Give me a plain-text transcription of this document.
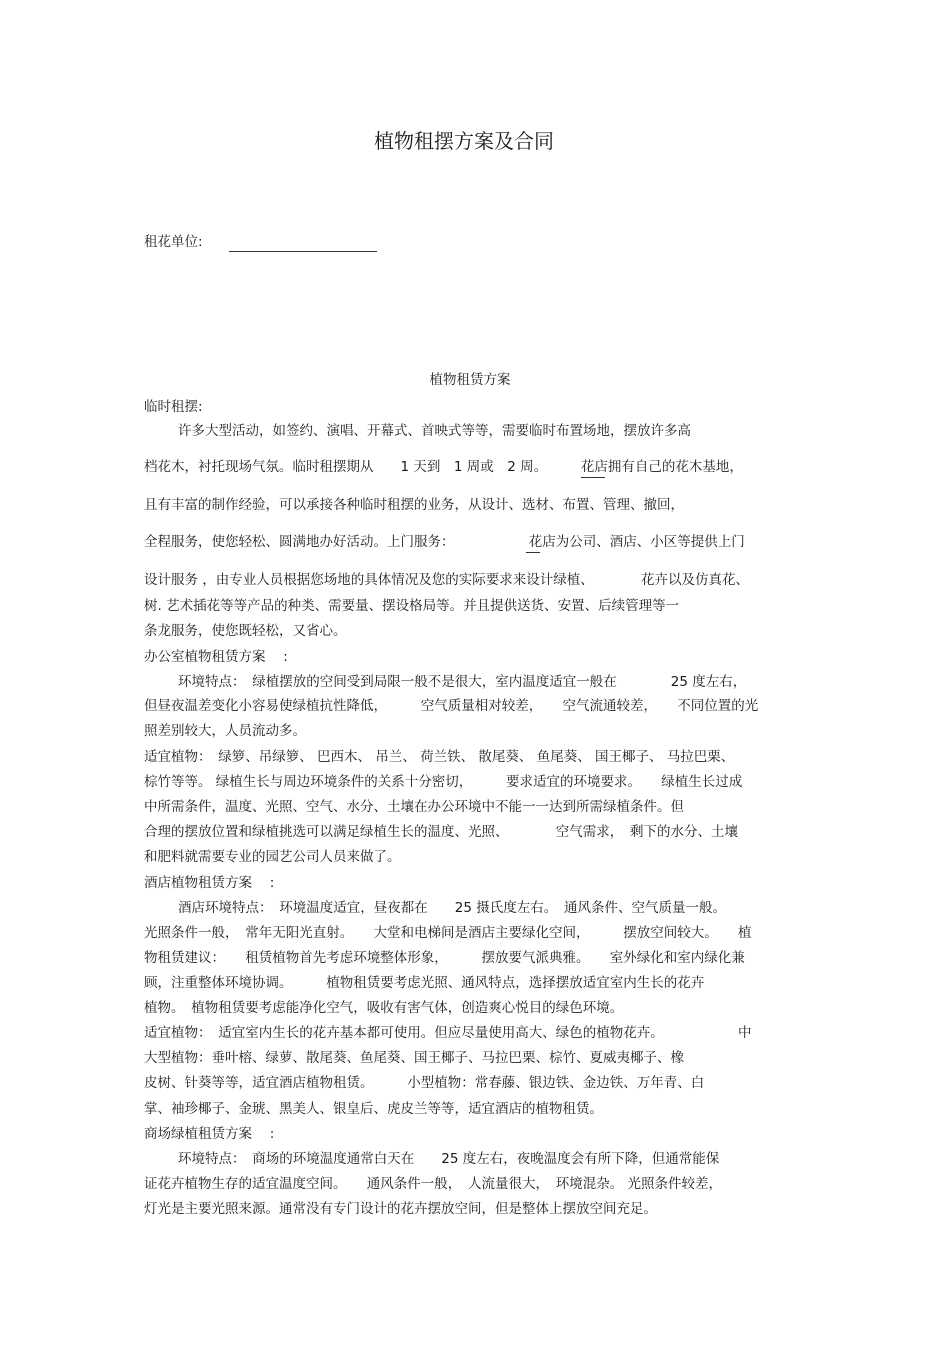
植物租摆方案及合同
租花单位:
植物租赁方案
临时租摆:
许多大型活动，如签约、演唱、开幕式、首映式等等，需要临时布置场地，摆放许多高
档花木，衬托现场气氛。临时租摆期从　　1 天到　1 周或　2 周。　　　花店拥有自己的花木基地，
且有丰富的制作经验，可以承接各种临时租摆的业务，从设计、选材、布置、管理、撤回，
全程服务，使您轻松、圆满地办好活动。上门服务：　　　　　　花店为公司、酒店、小区等提供上门
设计服务 ，由专业人员根据您场地的具体情况及您的实际要求来设计绿植、　　　　花卉以及仿真花、
树. 艺术插花等等产品的种类、需要量、摆设格局等。并且提供送货、安置、后续管理等一
条龙服务，使您既轻松，又省心。
办公室植物租赁方案　 :
环境特点：　绿植摆放的空间受到局限一般不是很大，室内温度适宜一般在　　　　25 度左右，
但昼夜温差变化小容易使绿植抗性降低，　　　空气质量相对较差，　　空气流通较差，　　不同位置的光
照差别较大，人员流动多。
适宜植物：　绿箩、吊绿箩、 巴西木、 吊兰、 荷兰铁、 散尾葵、 鱼尾葵、 国王椰子、 马拉巴栗、
棕竹等等。 绿植生长与周边环境条件的关系十分密切，　　　要求适宜的环境要求。　　绿植生长过成
中所需条件，温度、光照、空气、水分、土壤在办公环境中不能一一达到所需绿植条件。但
合理的摆放位置和绿植挑选可以满足绿植生长的温度、光照、　　　　空气需求，　剩下的水分、土壤
和肥料就需要专业的园艺公司人员来做了。
酒店植物租赁方案　 :
酒店环境特点：　环境温度适宜，昼夜都在　　25 摄氏度左右。　通风条件、空气质量一般。
光照条件一般，　常年无阳光直射。　　大堂和电梯间是酒店主要绿化空间，　　　摆放空间较大。　　植
物租赁建议：　　租赁植物首先考虑环境整体形象，　　　摆放要气派典雅。　　室外绿化和室内绿化兼
顾，注重整体环境协调。　　　植物租赁要考虑光照、通风特点，选择摆放适宜室内生长的花卉
植物。　植物租赁要考虑能净化空气，吸收有害气体，创造爽心悦目的绿色环境。
适宜植物：　适宜室内生长的花卉基本都可使用。但应尽量使用高大、绿色的植物花卉。　　　　　　中
大型植物：垂叶榕、绿萝、散尾葵、鱼尾葵、国王椰子、马拉巴栗、棕竹、夏威夷椰子、橡
皮树、针葵等等，适宜酒店植物租赁。　　　小型植物：常春藤、银边铁、金边铁、万年青、白
掌、袖珍椰子、金琥、黑美人、银皇后、虎皮兰等等，适宜酒店的植物租赁。
商场绿植租赁方案　 :
环境特点：　商场的环境温度通常白天在　　25 度左右，夜晚温度会有所下降，但通常能保
证花卉植物生存的适宜温度空间。　　通风条件一般，　人流量很大，　环境混杂。 光照条件较差，
灯光是主要光照来源。通常没有专门设计的花卉摆放空间，但是整体上摆放空间充足。
